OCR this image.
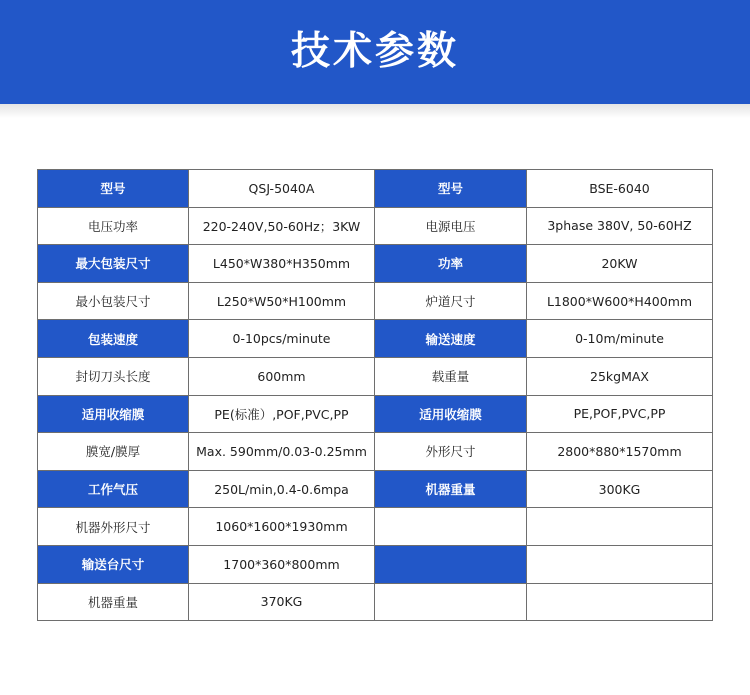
技术参数
型号	QSJ-5040A	型号	BSE-6040
电压功率	220-240V,50-60Hz；3KW	电源电压	3phase 380V, 50-60HZ
最大包装尺寸	L450*W380*H350mm	功率	20KW
最小包装尺寸	L250*W50*H100mm	炉道尺寸	L1800*W600*H400mm
包装速度	0-10pcs/minute	输送速度	0-10m/minute
封切刀头长度	600mm	载重量	25kgMAX
适用收缩膜	PE(标准）,POF,PVC,PP	适用收缩膜	PE,POF,PVC,PP
膜宽/膜厚	Max. 590mm/0.03-0.25mm	外形尺寸	2800*880*1570mm
工作气压	250L/min,0.4-0.6mpa	机器重量	300KG
机器外形尺寸	1060*1600*1930mm		
输送台尺寸	1700*360*800mm		
机器重量	370KG		
